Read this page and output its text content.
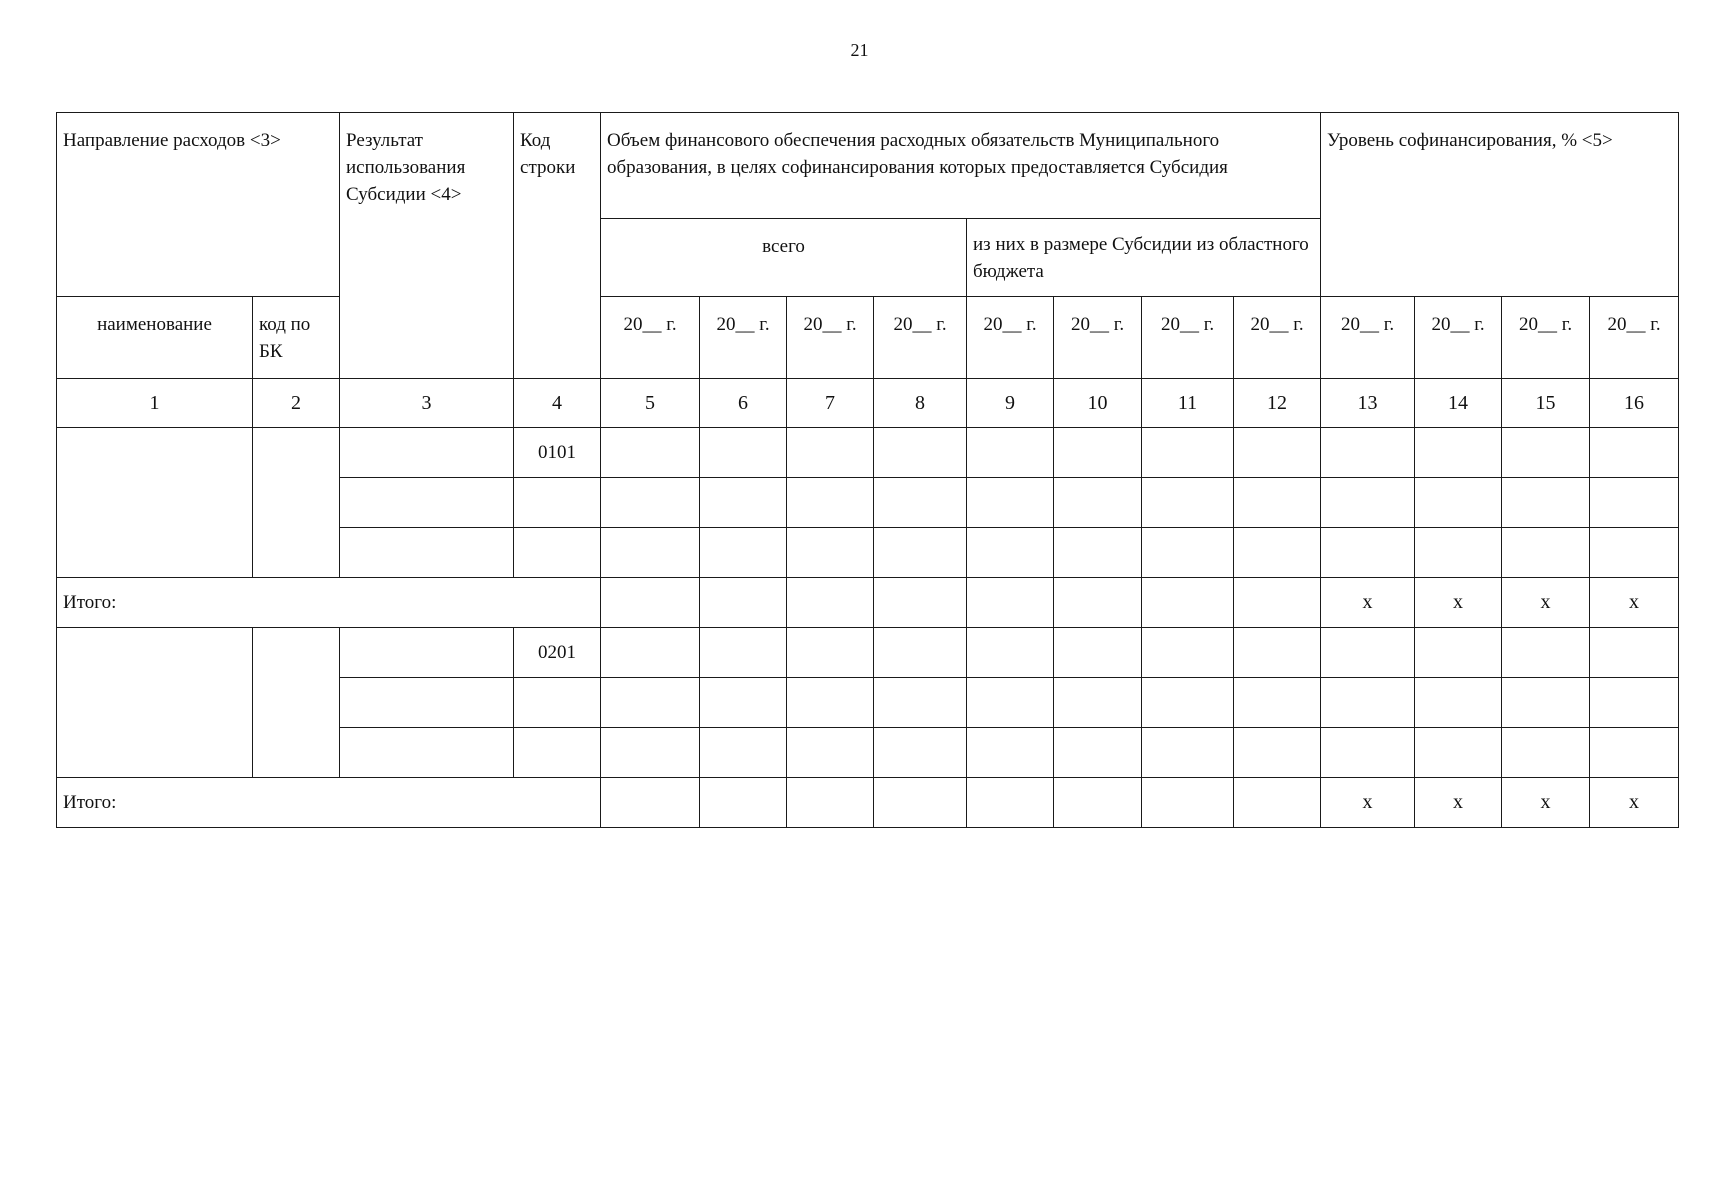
21
Направление расходов <3>		Результат использования Субсидии <4>	Код строки	Объем финансового обеспечения расходных обязательств Муниципального образования, в целях софинансирования которых предоставляется Субсидия								Уровень софинансирования, % <5>			
				всего				из них в размере Субсидии из областного бюджета							
наименование	код по БК			20__ г.	20__ г.	20__ г.	20__ г.	20__ г.	20__ г.	20__ г.	20__ г.	20__ г.	20__ г.	20__ г.	20__ г.
1	2	3	4	5	6	7	8	9	10	11	12	13	14	15	16
			0101												

Итого:												x	x	x	x
			0201												

Итого:												x	x	x	x
